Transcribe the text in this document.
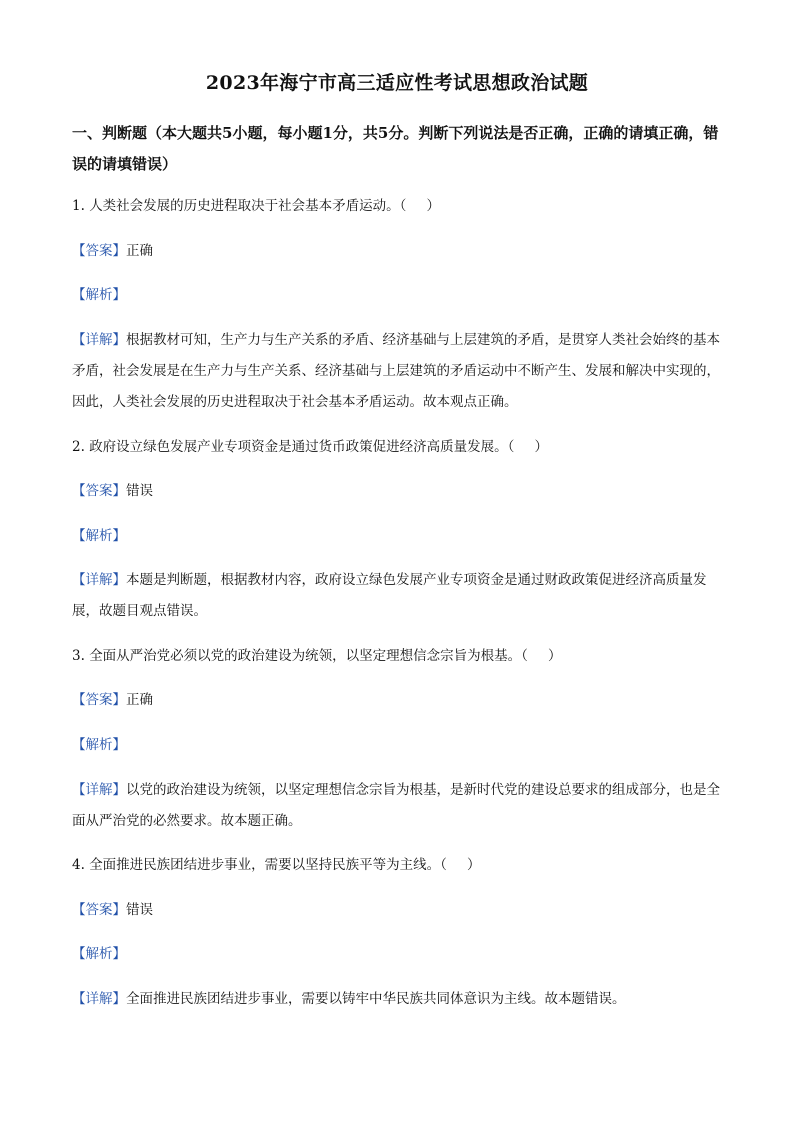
2023年海宁市高三适应性考试思想政治试题
一、判断题（本大题共5小题，每小题1分，共5分。判断下列说法是否正确，正确的请填正确，错误的请填错误）
1. 人类社会发展的历史进程取决于社会基本矛盾运动。（ ）
【答案】正确
【解析】
【详解】根据教材可知，生产力与生产关系的矛盾、经济基础与上层建筑的矛盾，是贯穿人类社会始终的基本矛盾，社会发展是在生产力与生产关系、经济基础与上层建筑的矛盾运动中不断产生、发展和解决中实现的，因此，人类社会发展的历史进程取决于社会基本矛盾运动。故本观点正确。
2. 政府设立绿色发展产业专项资金是通过货币政策促进经济高质量发展。（ ）
【答案】错误
【解析】
【详解】本题是判断题，根据教材内容，政府设立绿色发展产业专项资金是通过财政政策促进经济高质量发展，故题目观点错误。
3. 全面从严治党必须以党的政治建设为统领，以坚定理想信念宗旨为根基。（ ）
【答案】正确
【解析】
【详解】以党的政治建设为统领，以坚定理想信念宗旨为根基，是新时代党的建设总要求的组成部分，也是全面从严治党的必然要求。故本题正确。
4. 全面推进民族团结进步事业，需要以坚持民族平等为主线。（ ）
【答案】错误
【解析】
【详解】全面推进民族团结进步事业，需要以铸牢中华民族共同体意识为主线。故本题错误。
